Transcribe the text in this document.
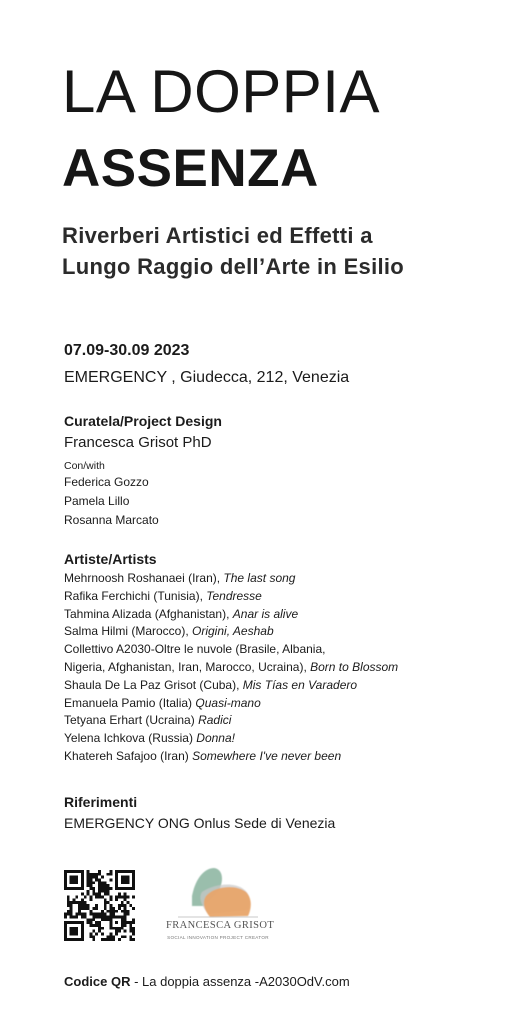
LA DOPPIA
ASSENZA
Riverberi Artistici ed Effetti a
Lungo Raggio dell’Arte in Esilio
07.09-30.09 2023
EMERGENCY , Giudecca, 212, Venezia
Curatela/Project Design
Francesca Grisot PhD
Con/with
Federica Gozzo
Pamela Lillo
Rosanna Marcato
Artiste/Artists
Mehrnoosh Roshanaei (Iran), The last song
Rafika Ferchichi (Tunisia), Tendresse
Tahmina Alizada (Afghanistan), Anar is alive
Salma Hilmi (Marocco), Origini, Aeshab
Collettivo A2030-Oltre le nuvole (Brasile, Albania,
Nigeria, Afghanistan, Iran, Marocco, Ucraina), Born to Blossom
Shaula De La Paz Grisot (Cuba), Mis Tías en Varadero
Emanuela Pamio (Italia) Quasi-mano
Tetyana Erhart (Ucraina) Radici
Yelena Ichkova (Russia) Donna!
Khatereh Safajoo (Iran) Somewhere I've never been
Riferimenti
EMERGENCY ONG Onlus Sede di Venezia
FRANCESCA GRISOT
SOCIAL INNOVATION PROJECT CREATOR
Codice QR - La doppia assenza -A2030OdV.com
